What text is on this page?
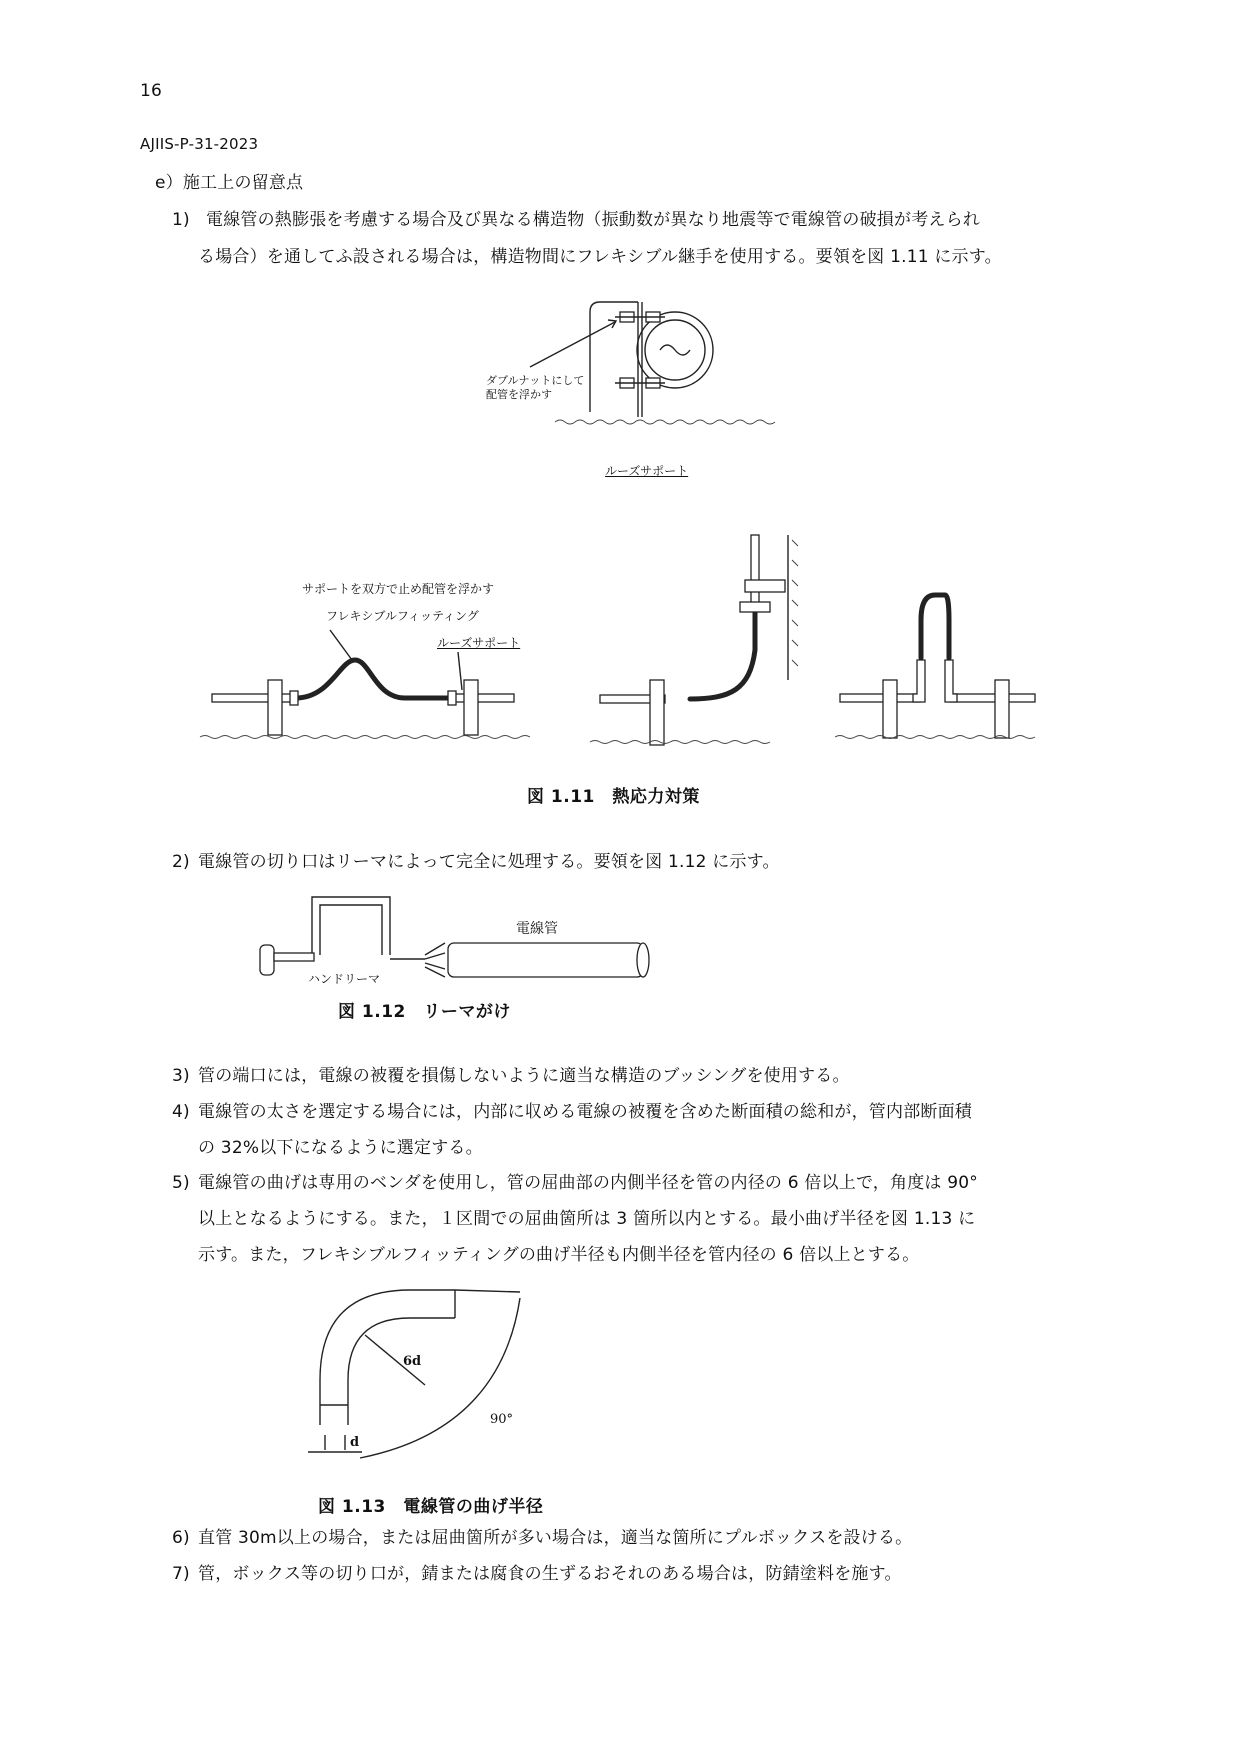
16
AJIIS-P-31-2023
e）施工上の留意点
1) 電線管の熱膨張を考慮する場合及び異なる構造物（振動数が異なり地震等で電線管の破損が考えられ
る場合）を通してふ設される場合は，構造物間にフレキシブル継手を使用する。要領を図 1.11 に示す。
ダブルナットにして
配管を浮かす
ルーズサポート
サポートを双方で止め配管を浮かす
フレキシブルフィッティング
ルーズサポート
図 1.11　熱応力対策
2) 電線管の切り口はリーマによって完全に処理する。要領を図 1.12 に示す。
電線管
ハンドリーマ
図 1.12　リーマがけ
3) 管の端口には，電線の被覆を損傷しないように適当な構造のブッシングを使用する。
4) 電線管の太さを選定する場合には，内部に収める電線の被覆を含めた断面積の総和が，管内部断面積
の 32%以下になるように選定する。
5) 電線管の曲げは専用のベンダを使用し，管の屈曲部の内側半径を管の内径の 6 倍以上で，角度は 90°
以上となるようにする。また，１区間での屈曲箇所は 3 箇所以内とする。最小曲げ半径を図 1.13 に
示す。また，フレキシブルフィッティングの曲げ半径も内側半径を管内径の 6 倍以上とする。
6d
90°
d
図 1.13　電線管の曲げ半径
6) 直管 30m以上の場合，または屈曲箇所が多い場合は，適当な箇所にプルボックスを設ける。
7) 管，ボックス等の切り口が，錆または腐食の生ずるおそれのある場合は，防錆塗料を施す。
